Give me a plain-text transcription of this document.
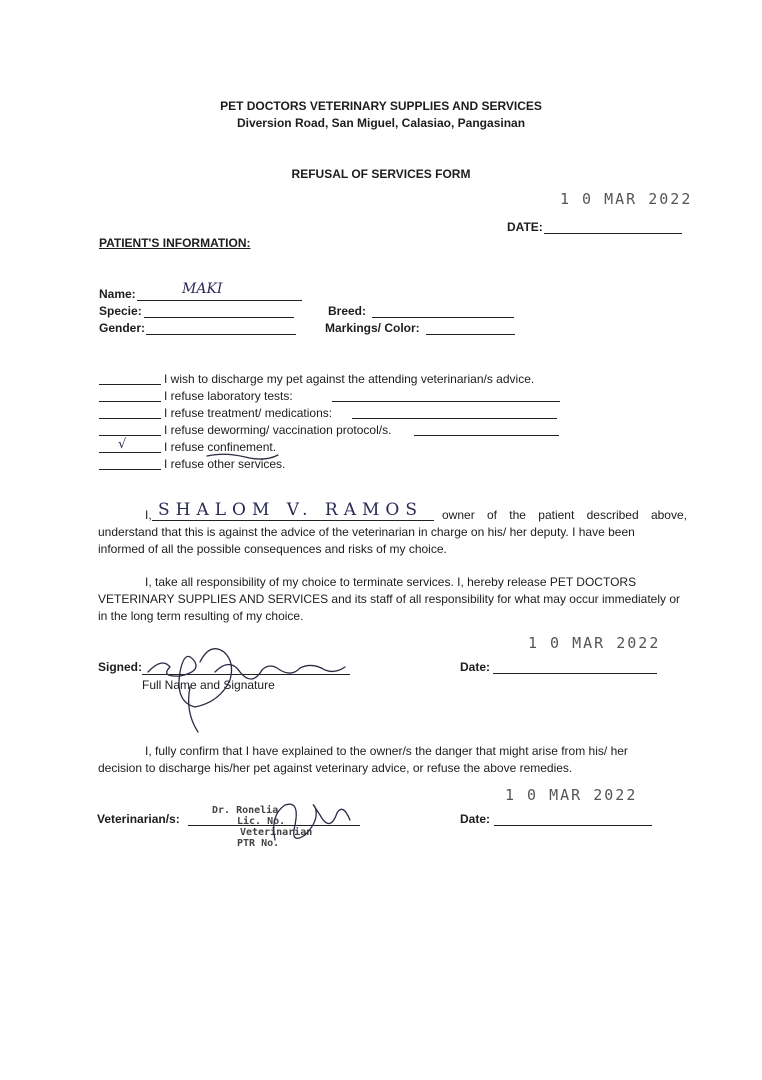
PET DOCTORS VETERINARY SUPPLIES AND SERVICES
Diversion Road, San Miguel, Calasiao, Pangasinan
REFUSAL OF SERVICES FORM
1 0 MAR 2022
DATE:
PATIENT'S INFORMATION:
Name:	MAKI
Specie:
Gender:
Breed:
Markings/ Color:
I wish to discharge my pet against the attending veterinarian/s advice.
I refuse laboratory tests:
I refuse treatment/ medications:
I refuse deworming/ vaccination protocol/s.
√	I refuse confinement.
I refuse other services.
I, SHALOM V. RAMOS owner of the patient described above,
understand that this is against the advice of the veterinarian in charge on his/ her deputy. I have been
informed of all the possible consequences and risks of my choice.
I, take all responsibility of my choice to terminate services. I, hereby release PET DOCTORS
VETERINARY SUPPLIES AND SERVICES and its staff of all responsibility for what may occur immediately or
in the long term resulting of my choice.
1 0 MAR 2022
Signed:
Full Name and Signature
Date:
I, fully confirm that I have explained to the owner/s the danger that might arise from his/ her
decision to discharge his/her pet against veterinary advice, or refuse the above remedies.
1 0 MAR 2022
Veterinarian/s:
Dr. Ronelia
Lic. No.
Veterinarian
PTR No.
Date:
